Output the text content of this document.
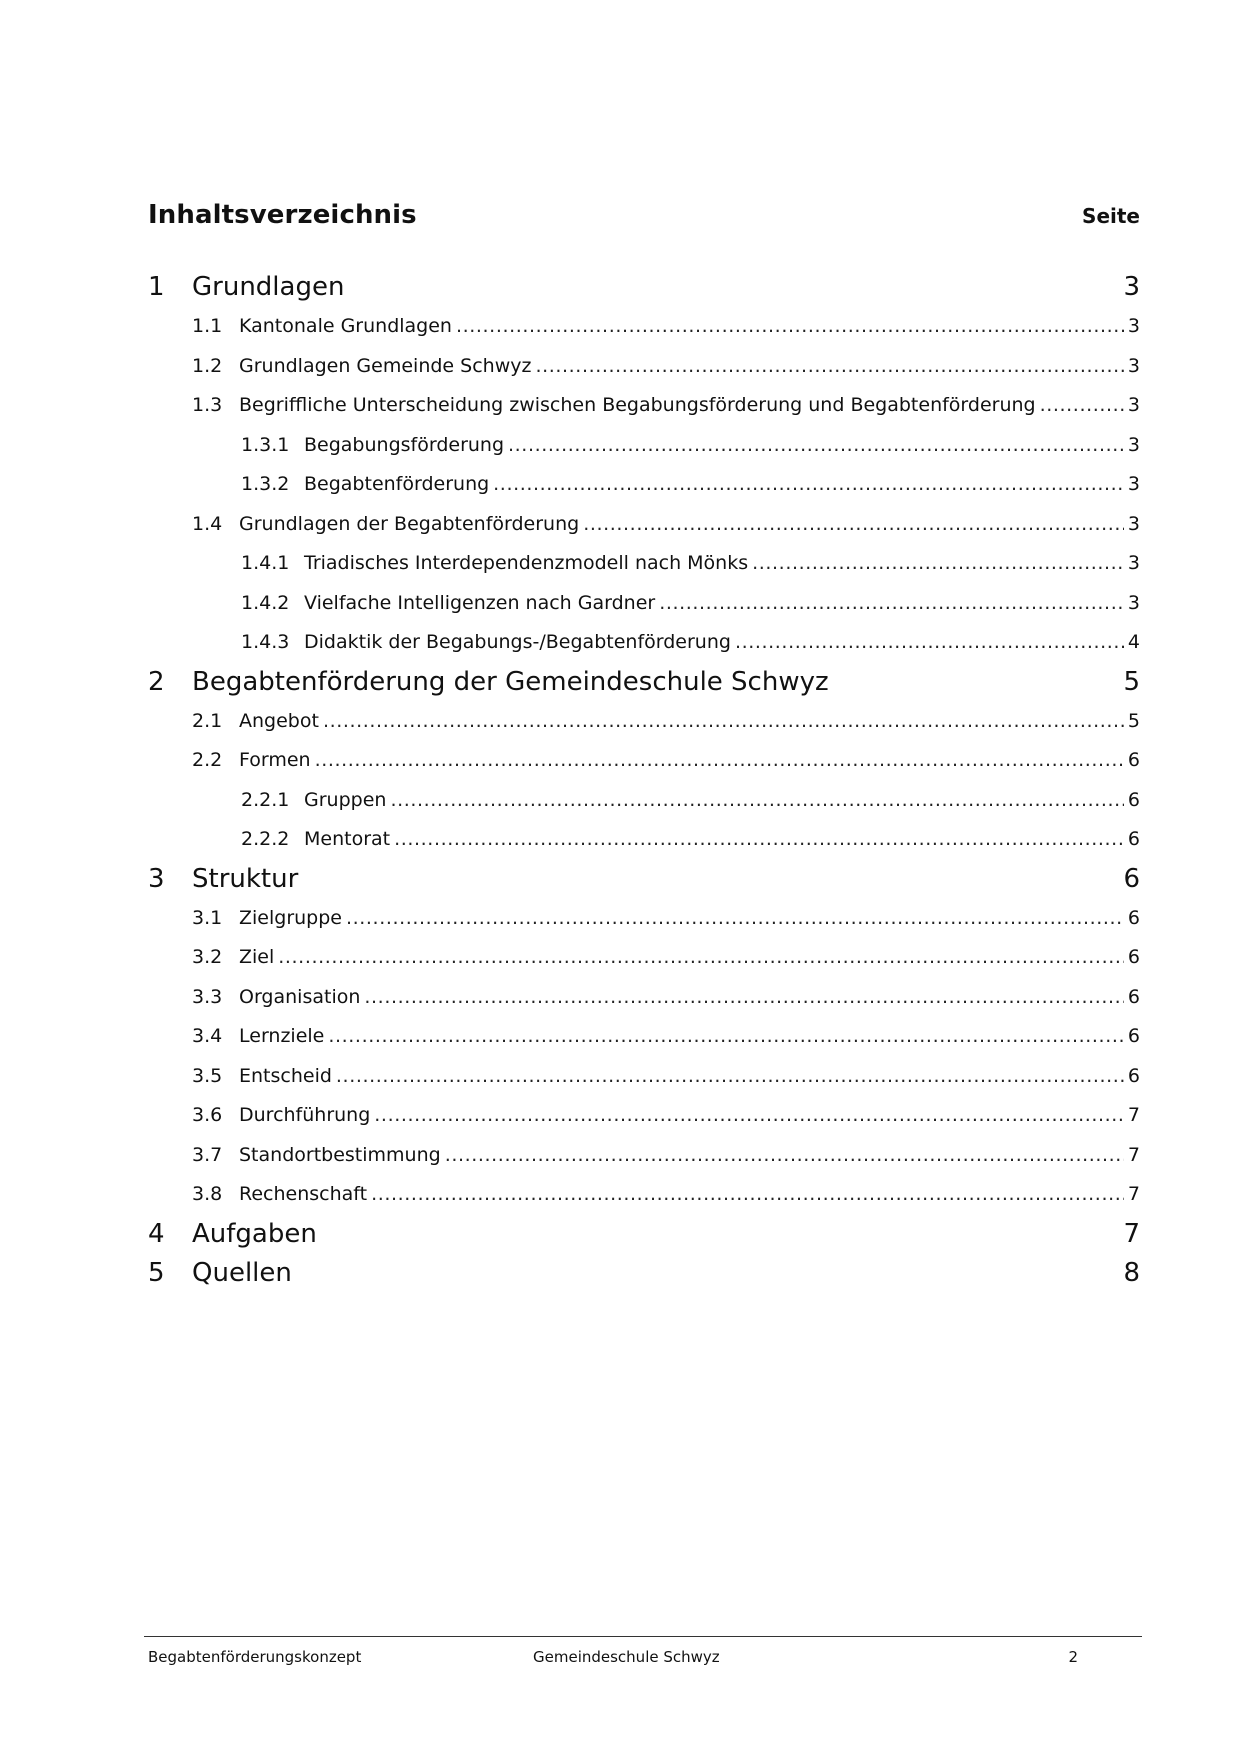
Inhaltsverzeichnis	Seite
1	Grundlagen	3
1.1 Kantonale Grundlagen .....	3
1.2 Grundlagen Gemeinde Schwyz .....	3
1.3 Begriffliche Unterscheidung zwischen Begabungsförderung und Begabtenförderung .....	3
1.3.1 Begabungsförderung .....	3
1.3.2 Begabtenförderung .....	3
1.4 Grundlagen der Begabtenförderung .....	3
1.4.1 Triadisches Interdependenzmodell nach Mönks .....	3
1.4.2 Vielfache Intelligenzen nach Gardner .....	3
1.4.3 Didaktik der Begabungs-/Begabtenförderung .....	4
2	Begabtenförderung der Gemeindeschule Schwyz	5
2.1 Angebot .....	5
2.2 Formen .....	6
2.2.1 Gruppen .....	6
2.2.2 Mentorat .....	6
3	Struktur	6
3.1 Zielgruppe .....	6
3.2 Ziel .....	6
3.3 Organisation .....	6
3.4 Lernziele .....	6
3.5 Entscheid .....	6
3.6 Durchführung .....	7
3.7 Standortbestimmung .....	7
3.8 Rechenschaft .....	7
4	Aufgaben	7
5	Quellen	8
Begabtenförderungskonzept	Gemeindeschule Schwyz	2
